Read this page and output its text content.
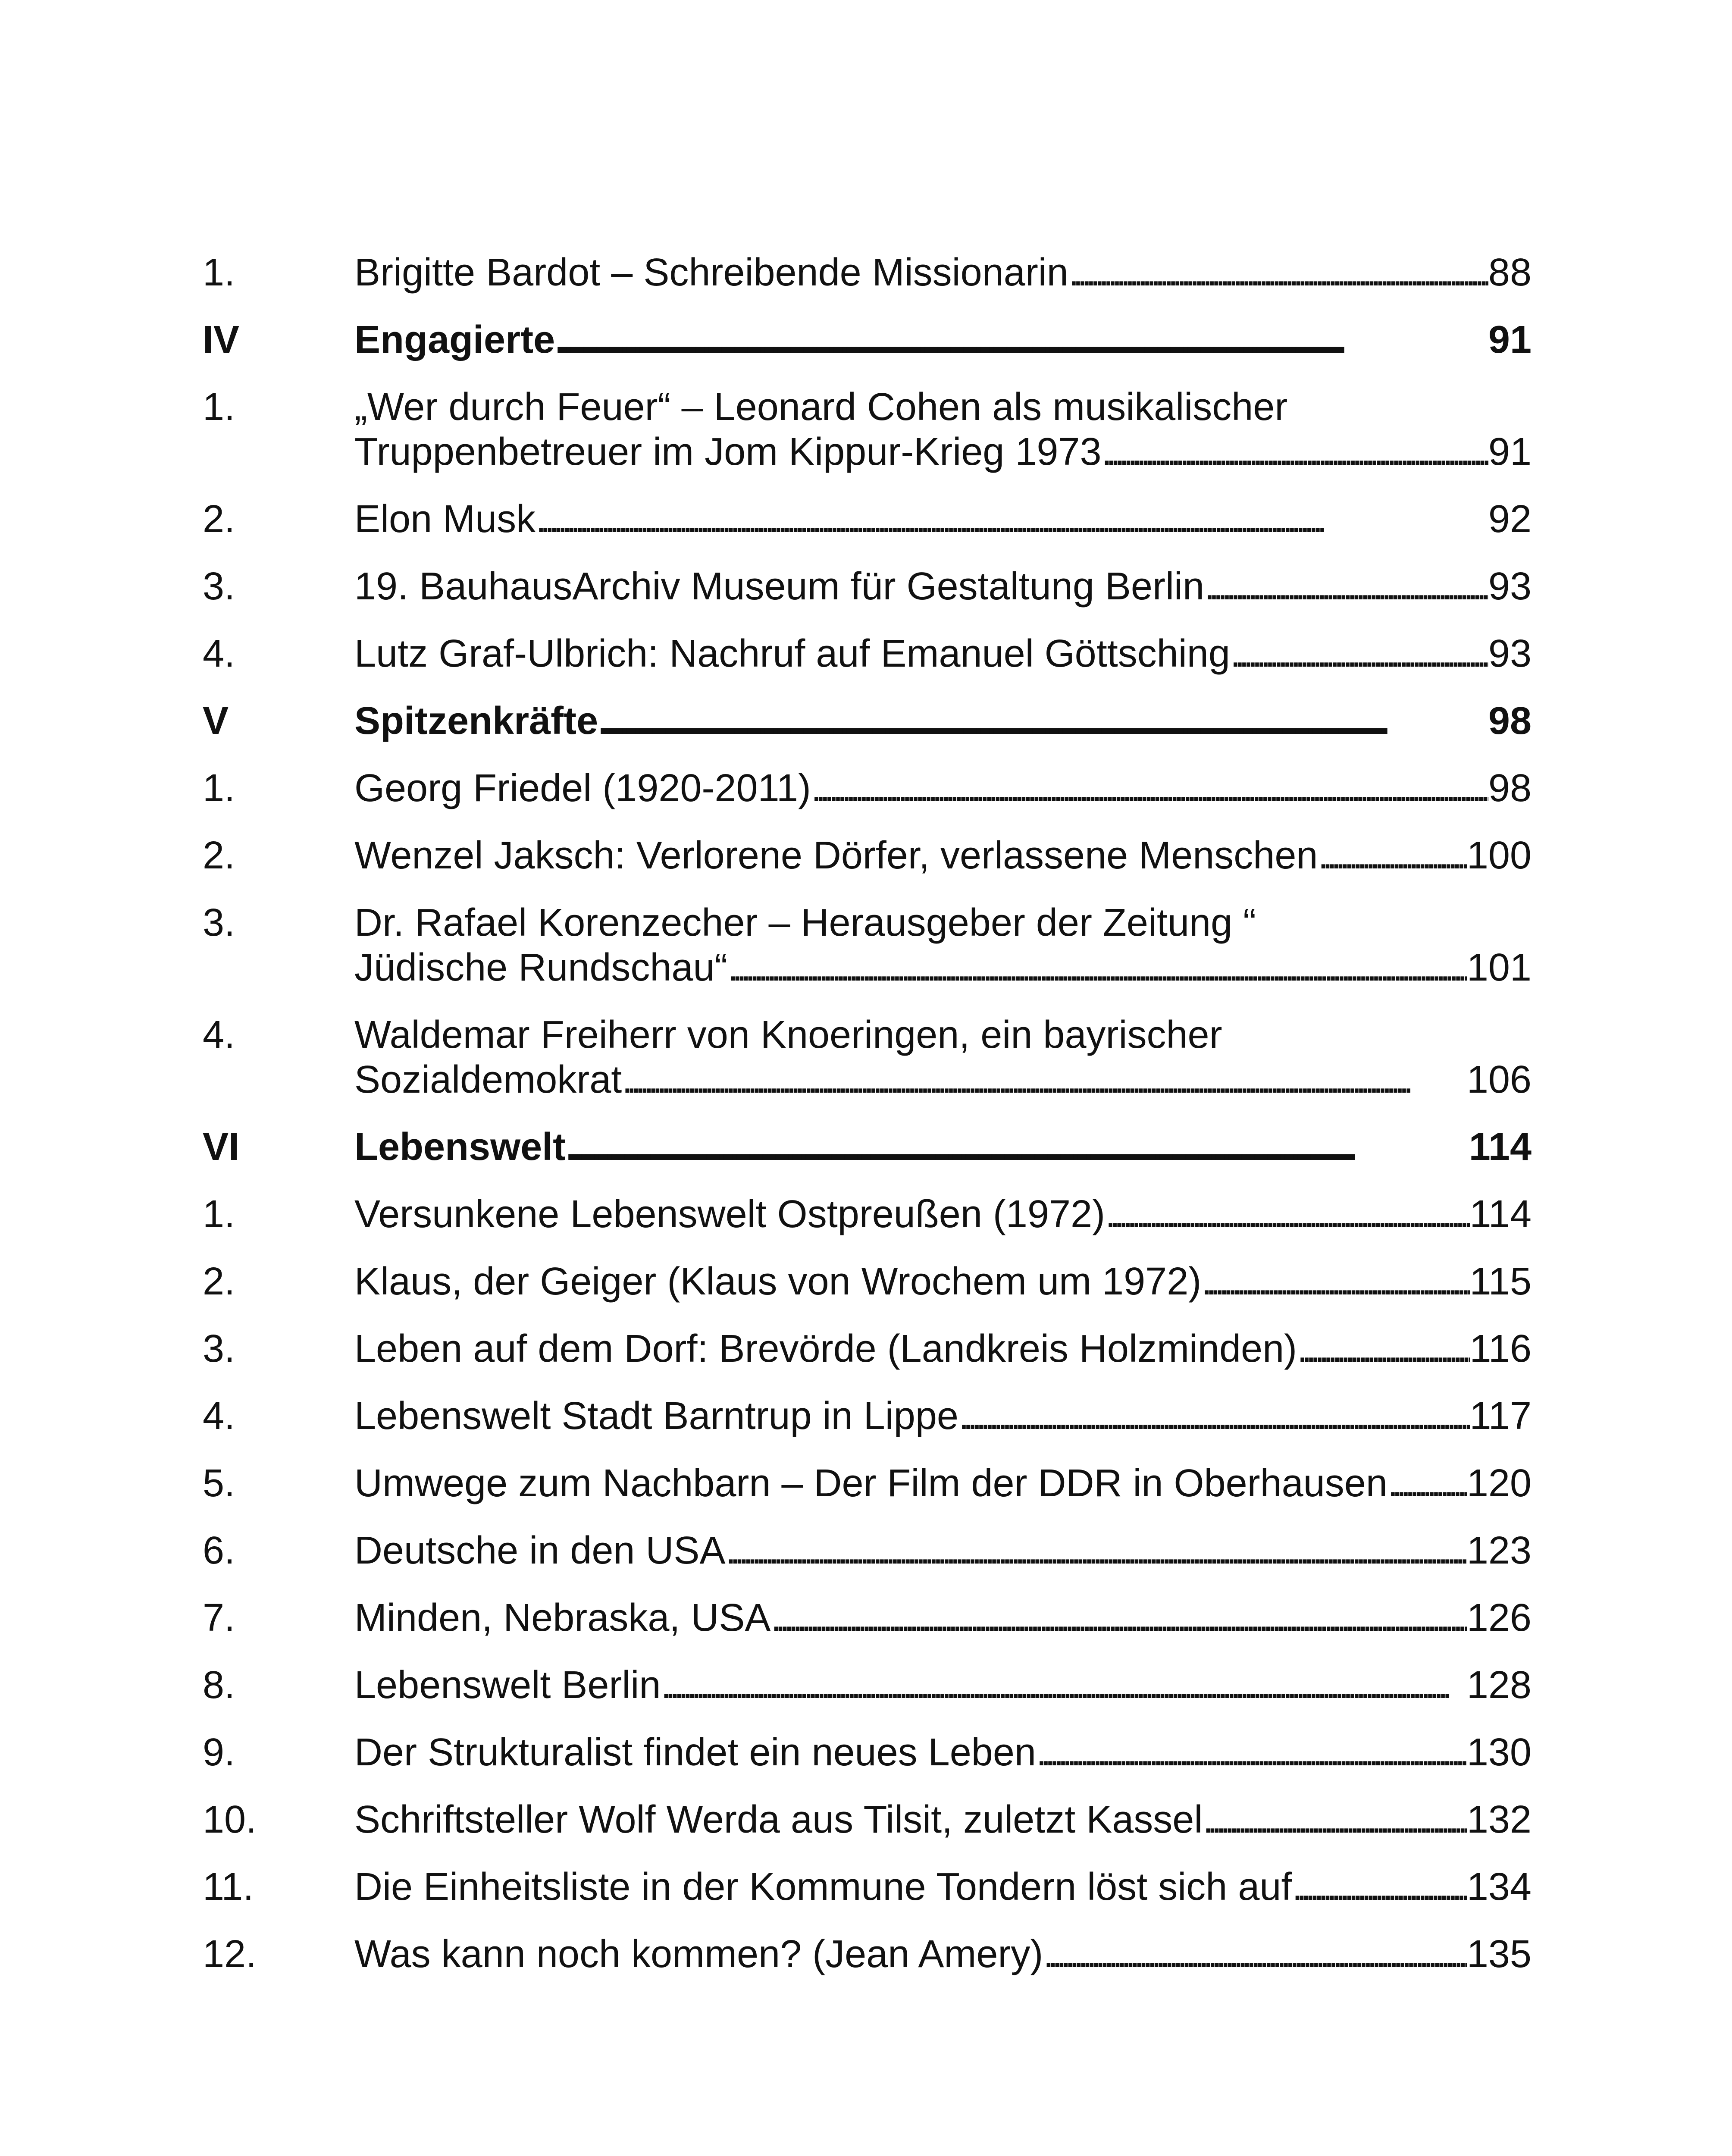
1.	Brigitte Bardot – Schreibende Missionarin . . .	88
IV	Engagierte . . .	91
1.	„Wer durch Feuer“ – Leonard Cohen als musikalischer
Truppenbetreuer im Jom Kippur-Krieg 1973 . . .	91
2.	Elon Musk . . .	92
3.	19. BauhausArchiv Museum für Gestaltung Berlin . . .	93
4.	Lutz Graf-Ulbrich: Nachruf auf Emanuel Göttsching . . .	93
V	Spitzenkräfte . . .	98
1.	Georg Friedel (1920-2011) . . .	98
2.	Wenzel Jaksch: Verlorene Dörfer, verlassene Menschen . . .	100
3.	Dr. Rafael Korenzecher – Herausgeber der Zeitung “
Jüdische Rundschau“ . . .	101
4.	Waldemar Freiherr von Knoeringen, ein bayrischer
Sozialdemokrat . . .	106
VI	Lebenswelt . . .	114
1.	Versunkene Lebenswelt Ostpreußen (1972) . . .	114
2.	Klaus, der Geiger (Klaus von Wrochem um 1972) . . .	115
3.	Leben auf dem Dorf: Brevörde (Landkreis Holzminden) . . .	116
4.	Lebenswelt Stadt Barntrup in Lippe . . .	117
5.	Umwege zum Nachbarn – Der Film der DDR in Oberhausen . . . 120
6.	Deutsche in den USA . . .	123
7.	Minden, Nebraska, USA . . .	126
8.	Lebenswelt Berlin . . .	128
9.	Der Strukturalist findet ein neues Leben . . .	130
10.	Schriftsteller Wolf Werda aus Tilsit, zuletzt Kassel . . .	132
11.	Die Einheitsliste in der Kommune Tondern löst sich auf . . .	134
12.	Was kann noch kommen? (Jean Amery) . . .	135
